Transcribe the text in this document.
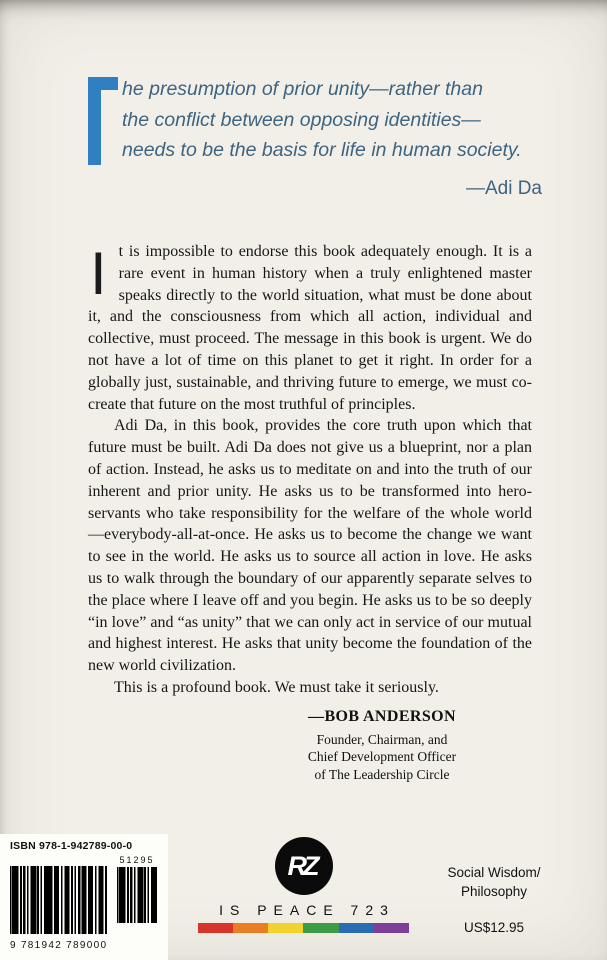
he presumption of prior unity—rather than
the conflict between opposing identities—
needs to be the basis for life in human society.
—Adi Da

It is impossible to endorse this book adequately enough. It is a rare event in human history when a truly enlightened master speaks directly to the world situation, what must be done about it, and the consciousness from which all action, individual and collective, must proceed. The message in this book is urgent. We do not have a lot of time on this planet to get it right. In order for a globally just, sustainable, and thriving future to emerge, we must co-create that future on the most truthful of principles.

Adi Da, in this book, provides the core truth upon which that future must be built. Adi Da does not give us a blueprint, nor a plan of action. Instead, he asks us to meditate on and into the truth of our inherent and prior unity. He asks us to be transformed into hero-servants who take responsibility for the welfare of the whole world—everybody-all-at-once. He asks us to become the change we want to see in the world. He asks us to source all action in love. He asks us to walk through the boundary of our apparently separate selves to the place where I leave off and you begin. He asks us to be so deeply “in love” and “as unity” that we can only act in service of our mutual and highest interest. He asks that unity become the foundation of the new world civilization.

This is a profound book. We must take it seriously.

—BOB ANDERSON
Founder, Chairman, and
Chief Development Officer
of The Leadership Circle
ISBN 978-1-942789-00-0
51295
9 781942 789000
RZ
IS PEACE 723
Social Wisdom/
Philosophy
US$12.95
